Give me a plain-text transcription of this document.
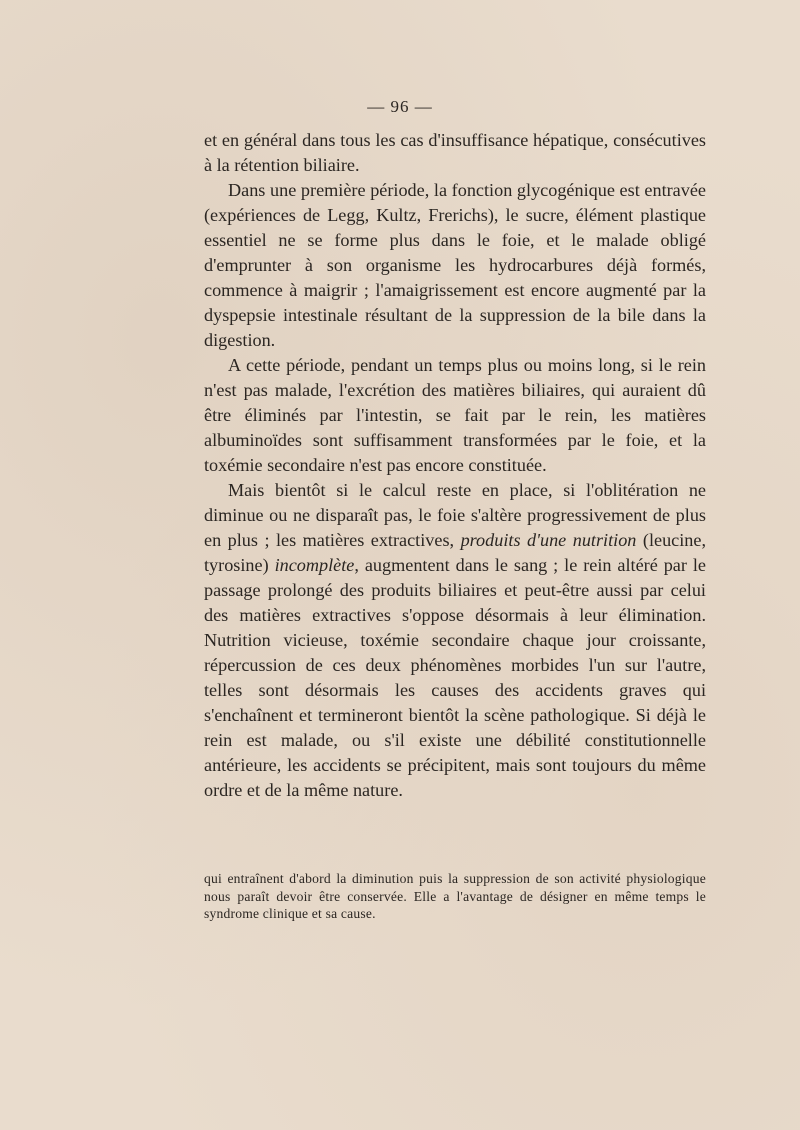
— 96 —

et en général dans tous les cas d'insuffisance hépatique, consécutives à la rétention biliaire.

Dans une première période, la fonction glycogénique est entravée (expériences de Legg, Kultz, Frerichs), le sucre, élément plastique essentiel ne se forme plus dans le foie, et le malade obligé d'emprunter à son organisme les hydrocarbures déjà formés, commence à maigrir ; l'amaigrissement est encore augmenté par la dyspepsie intestinale résultant de la suppression de la bile dans la digestion.

A cette période, pendant un temps plus ou moins long, si le rein n'est pas malade, l'excrétion des matières biliaires, qui auraient dû être éliminés par l'intestin, se fait par le rein, les matières albuminoïdes sont suffisamment transformées par le foie, et la toxémie secondaire n'est pas encore constituée.

Mais bientôt si le calcul reste en place, si l'oblitération ne diminue ou ne disparaît pas, le foie s'altère progressivement de plus en plus ; les matières extractives, produits d'une nutrition (leucine, tyrosine) incomplète, augmentent dans le sang ; le rein altéré par le passage prolongé des produits biliaires et peut-être aussi par celui des matières extractives s'oppose désormais à leur élimination. Nutrition vicieuse, toxémie secondaire chaque jour croissante, répercussion de ces deux phénomènes morbides l'un sur l'autre, telles sont désormais les causes des accidents graves qui s'enchaînent et termineront bientôt la scène pathologique. Si déjà le rein est malade, ou s'il existe une débilité constitutionnelle antérieure, les accidents se précipitent, mais sont toujours du même ordre et de la même nature.

qui entraînent d'abord la diminution puis la suppression de son activité physiologique nous paraît devoir être conservée. Elle a l'avantage de désigner en même temps le syndrome clinique et sa cause.
